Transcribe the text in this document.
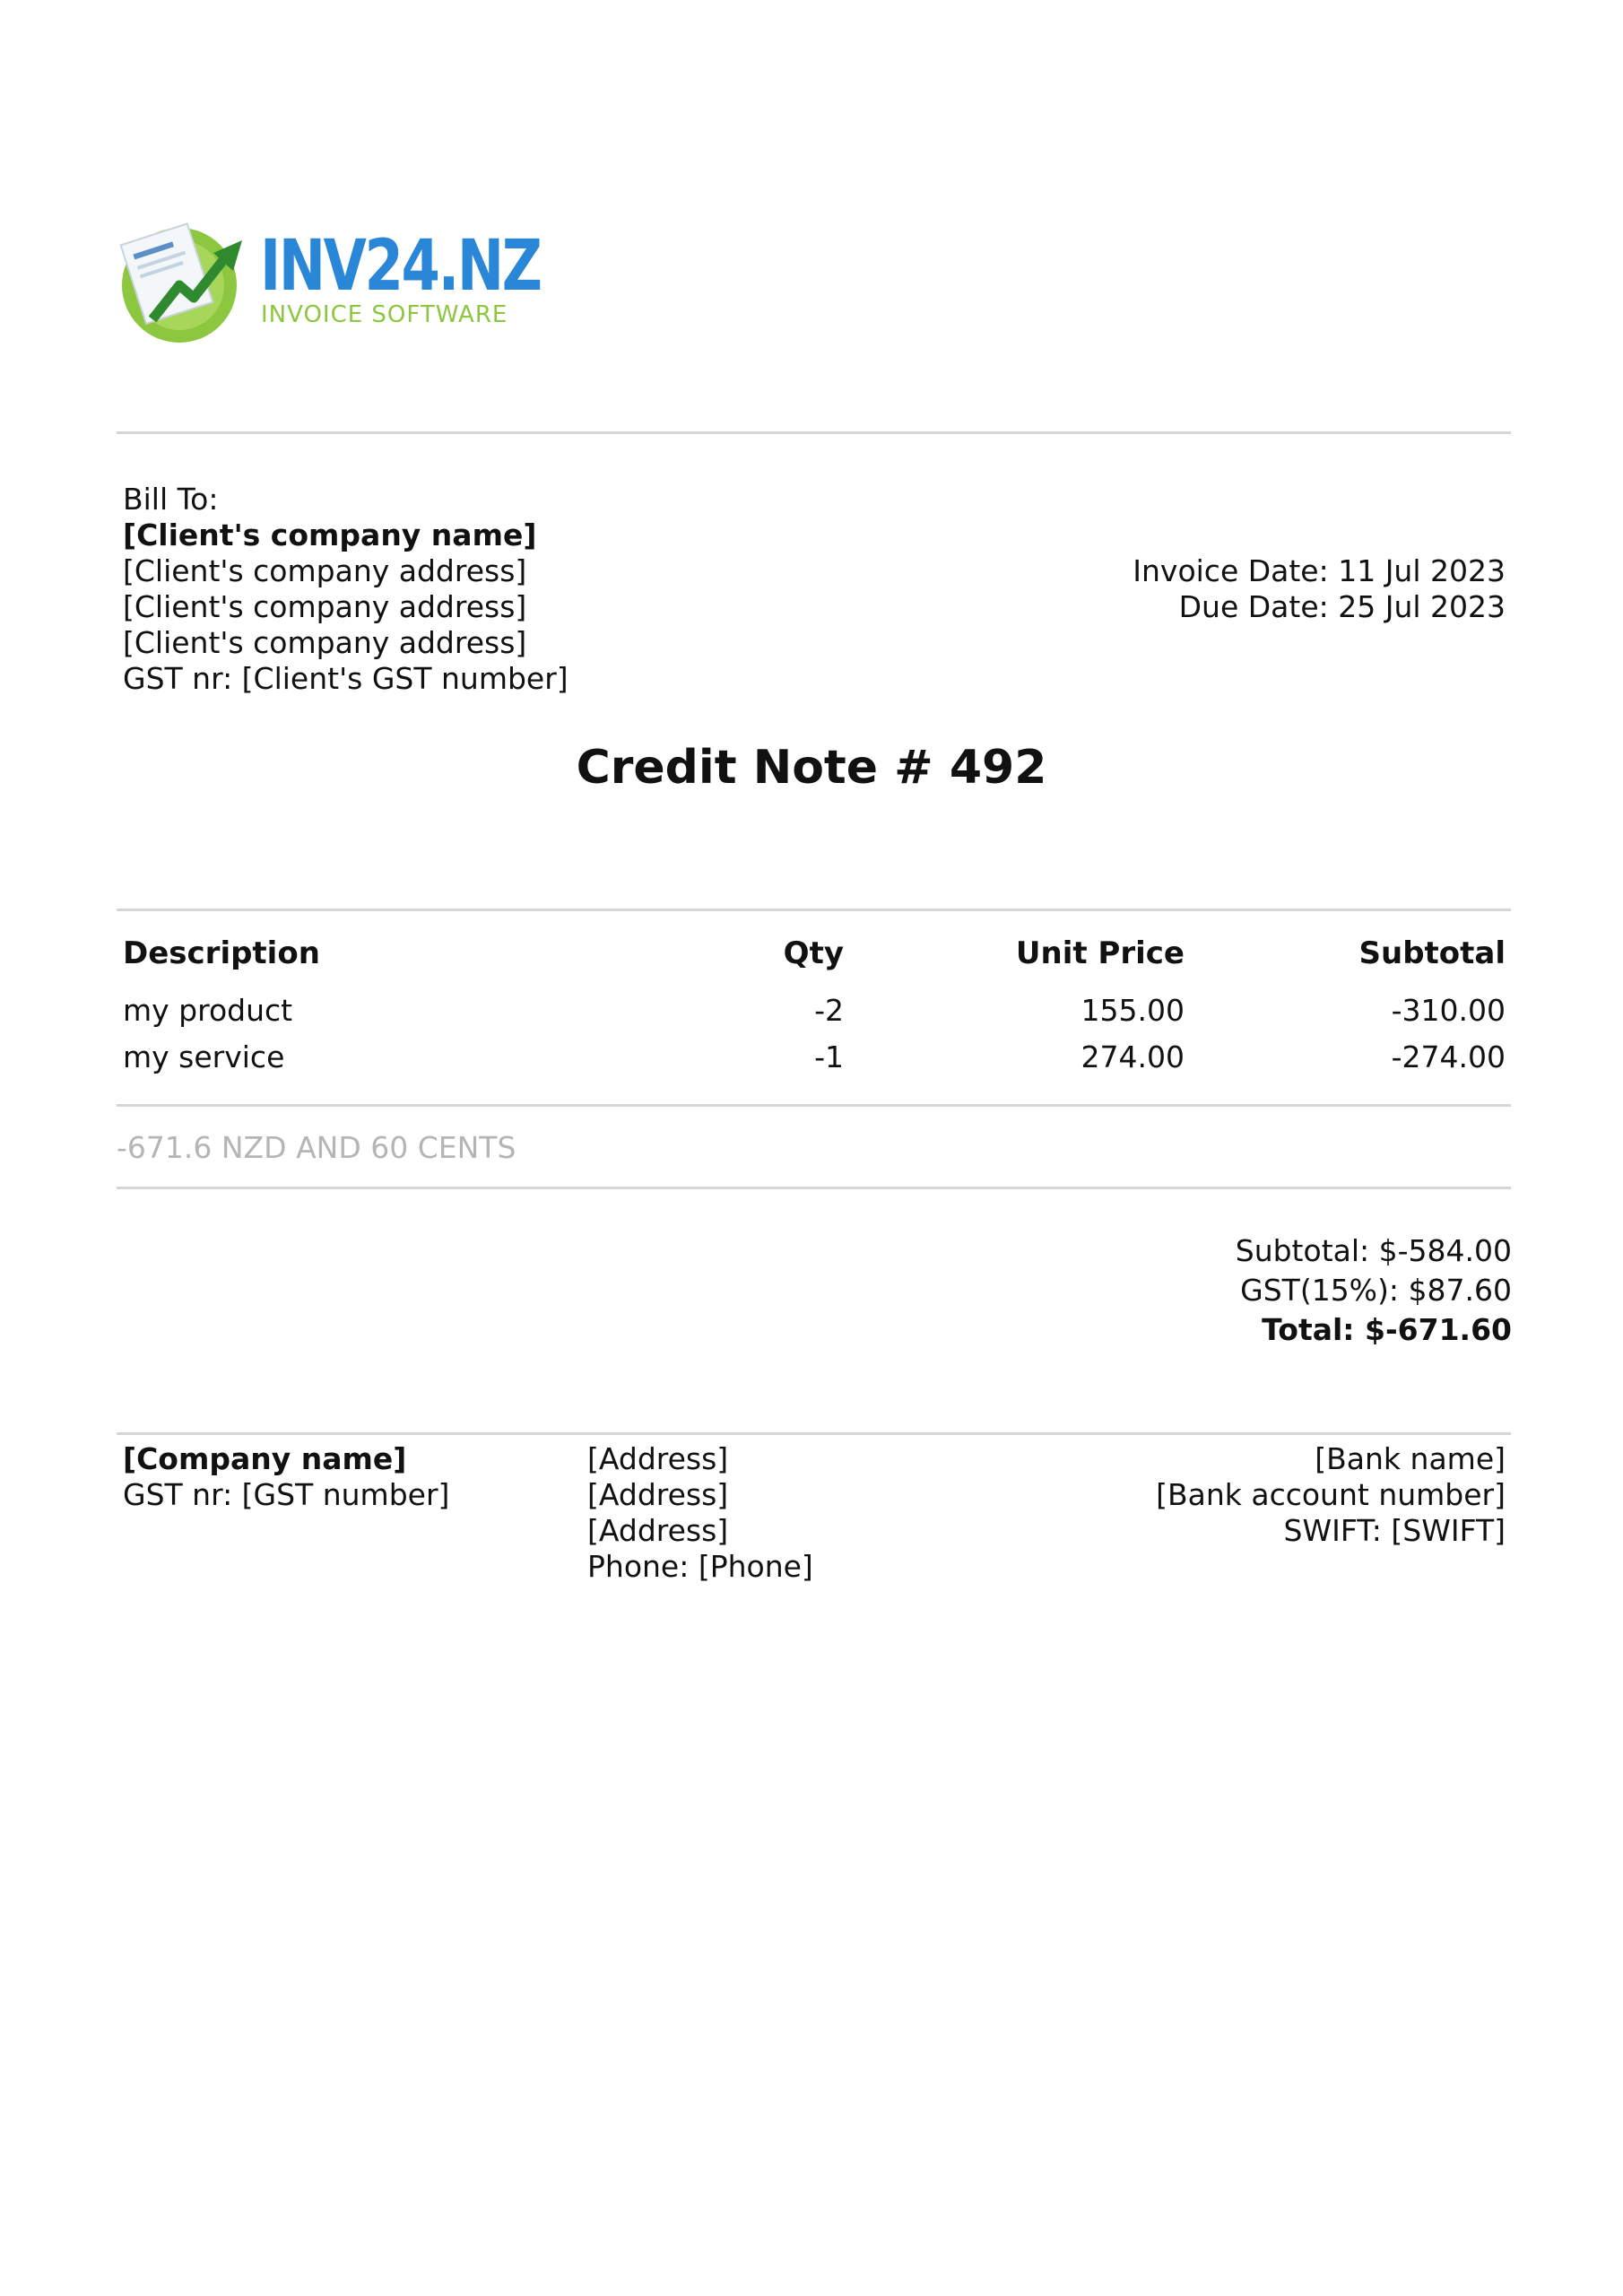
INV24.NZ
INVOICE SOFTWARE
Bill To:
[Client's company name]
[Client's company address]
[Client's company address]
[Client's company address]
GST nr: [Client's GST number]
Invoice Date: 11 Jul 2023
Due Date: 25 Jul 2023
Credit Note # 492
Description	Qty	Unit Price	Subtotal
my product	-2	155.00	-310.00
my service	-1	274.00	-274.00
-671.6 NZD AND 60 CENTS
Subtotal: $-584.00
GST(15%): $87.60
Total: $-671.60
[Company name]
GST nr: [GST number]
[Address]
[Address]
[Address]
Phone: [Phone]
[Bank name]
[Bank account number]
SWIFT: [SWIFT]
